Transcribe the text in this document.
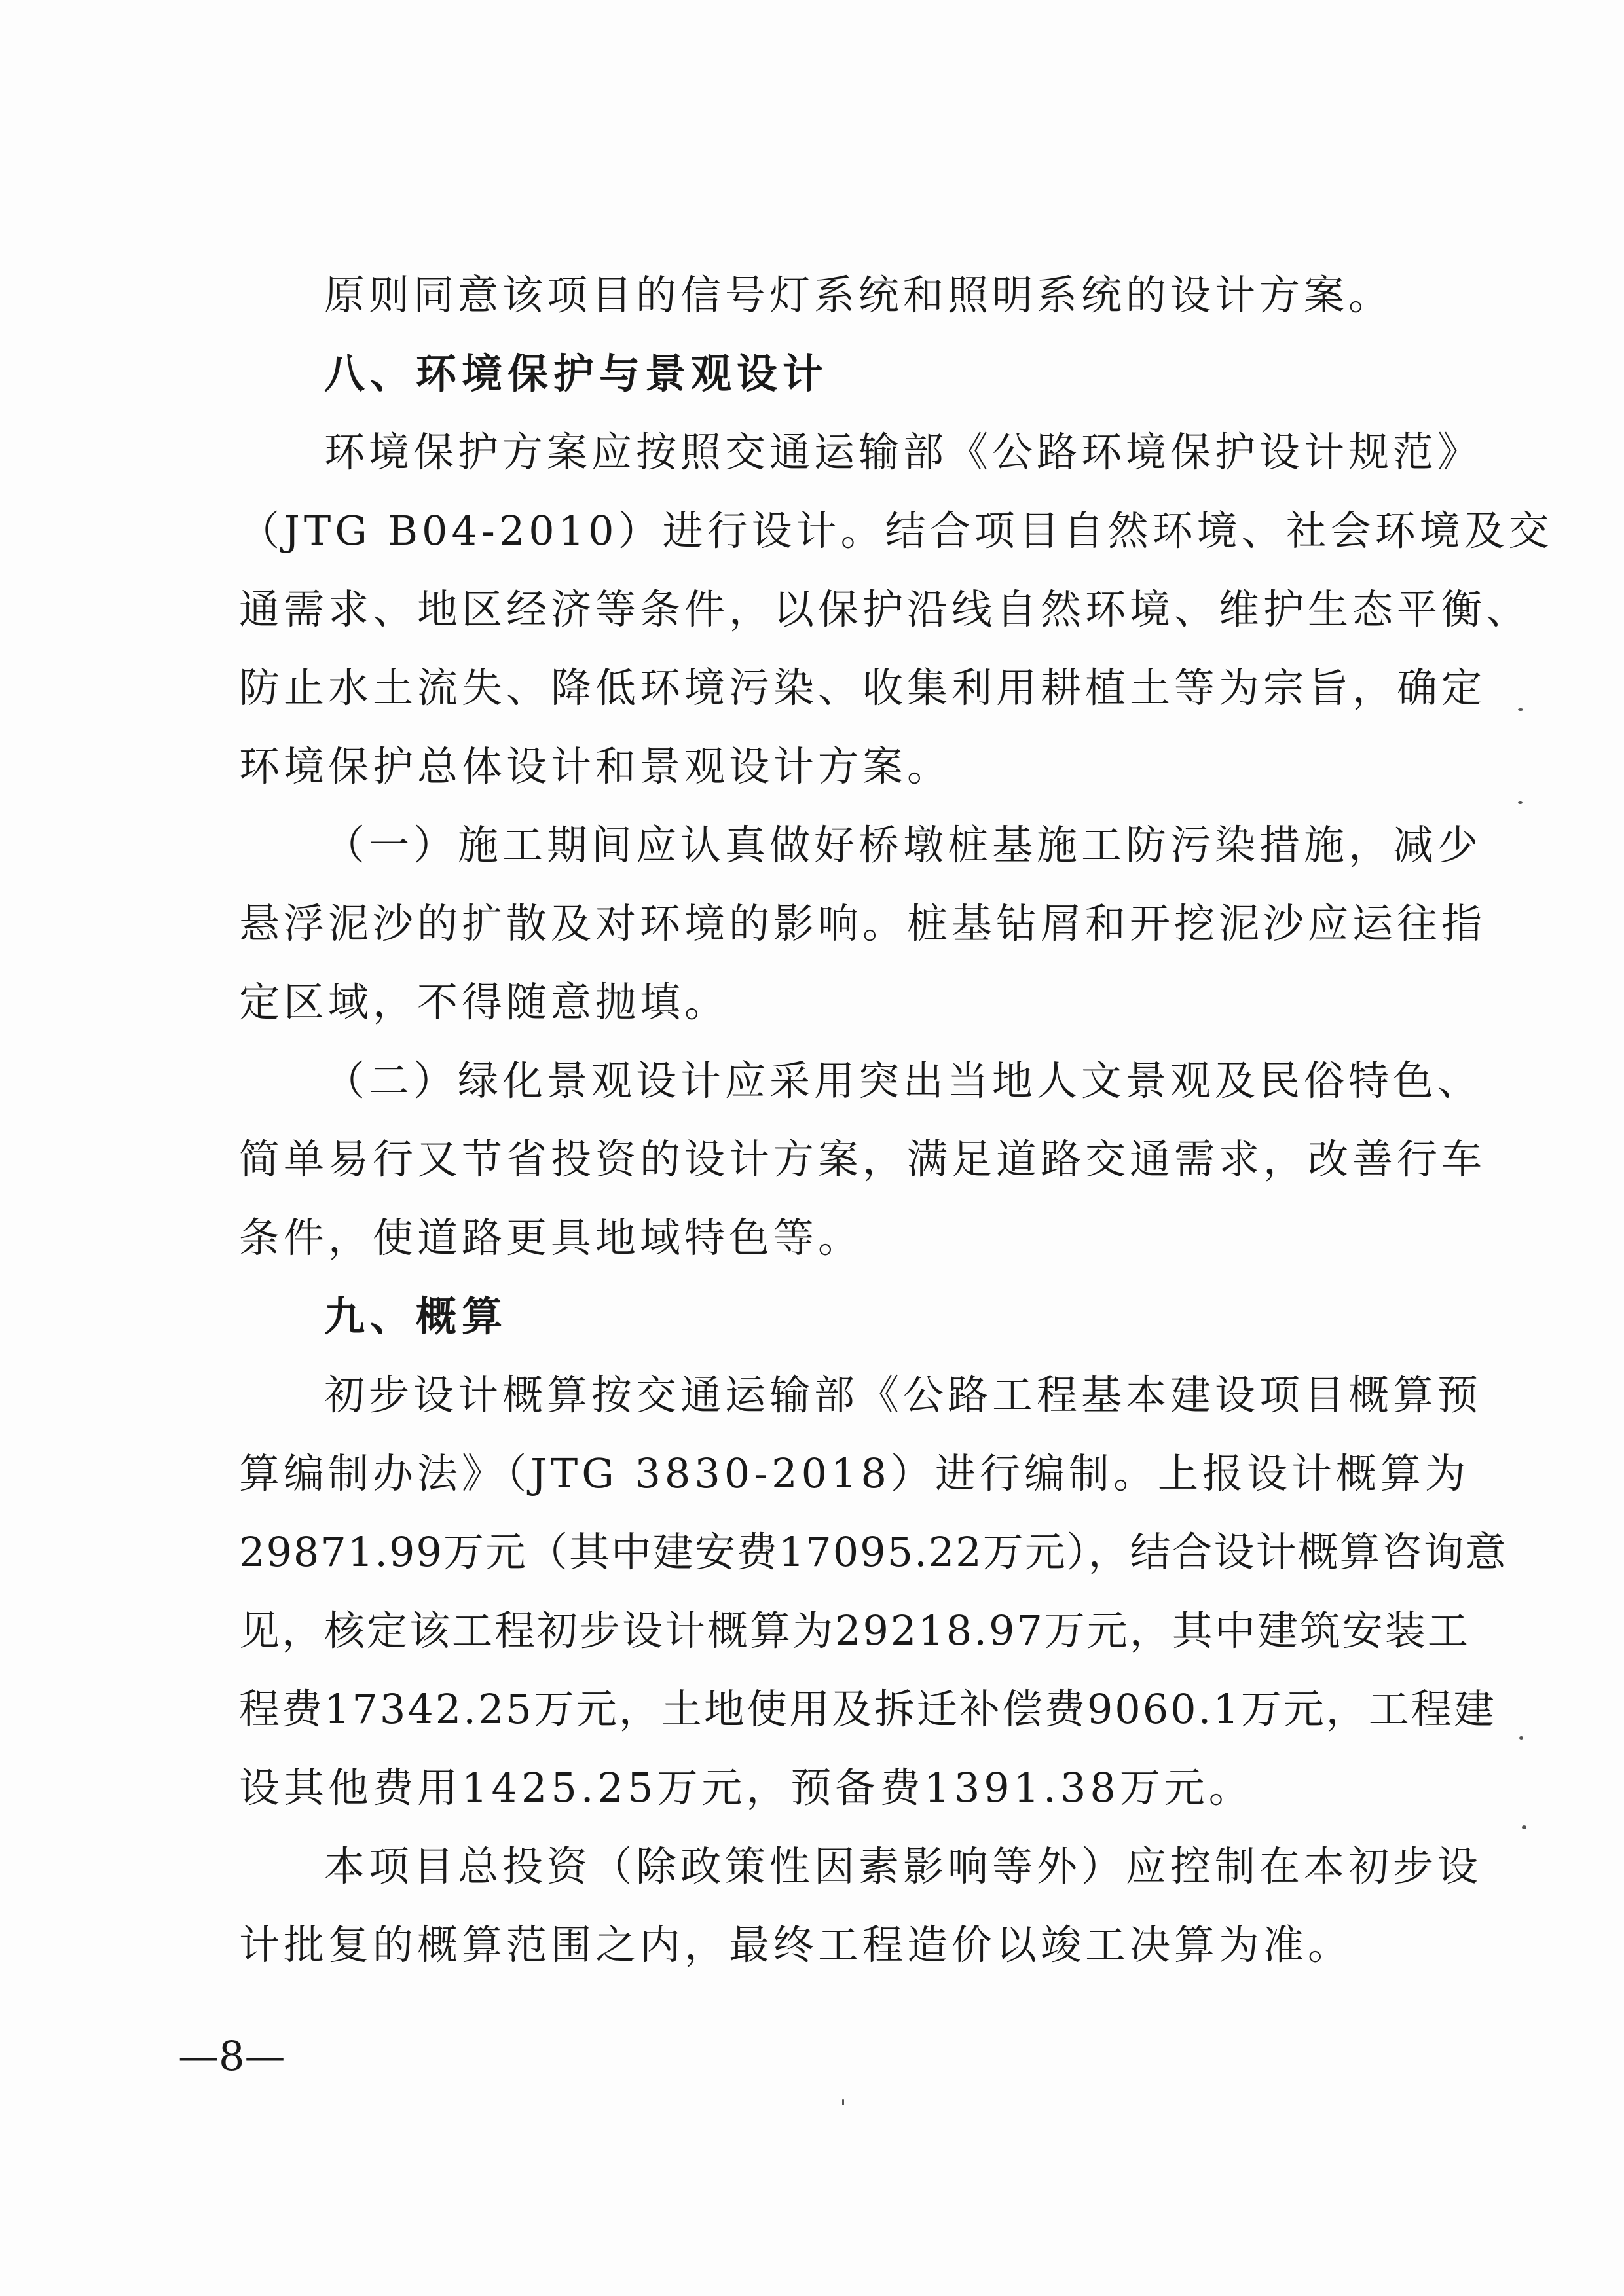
原则同意该项目的信号灯系统和照明系统的设计方案。
八、环境保护与景观设计
环境保护方案应按照交通运输部《公路环境保护设计规范》
（JTG B04-2010）进行设计。结合项目自然环境、社会环境及交
通需求、地区经济等条件，以保护沿线自然环境、维护生态平衡、
防止水土流失、降低环境污染、收集利用耕植土等为宗旨，确定
环境保护总体设计和景观设计方案。
（一）施工期间应认真做好桥墩桩基施工防污染措施，减少
悬浮泥沙的扩散及对环境的影响。桩基钻屑和开挖泥沙应运往指
定区域，不得随意抛填。
（二）绿化景观设计应采用突出当地人文景观及民俗特色、
简单易行又节省投资的设计方案，满足道路交通需求，改善行车
条件，使道路更具地域特色等。
九、概算
初步设计概算按交通运输部《公路工程基本建设项目概算预
算编制办法》（JTG 3830-2018）进行编制。上报设计概算为
29871.99万元（其中建安费17095.22万元），结合设计概算咨询意
见，核定该工程初步设计概算为29218.97万元，其中建筑安装工
程费17342.25万元，土地使用及拆迁补偿费9060.1万元，工程建
设其他费用1425.25万元，预备费1391.38万元。
本项目总投资（除政策性因素影响等外）应控制在本初步设
计批复的概算范围之内，最终工程造价以竣工决算为准。
—8—
